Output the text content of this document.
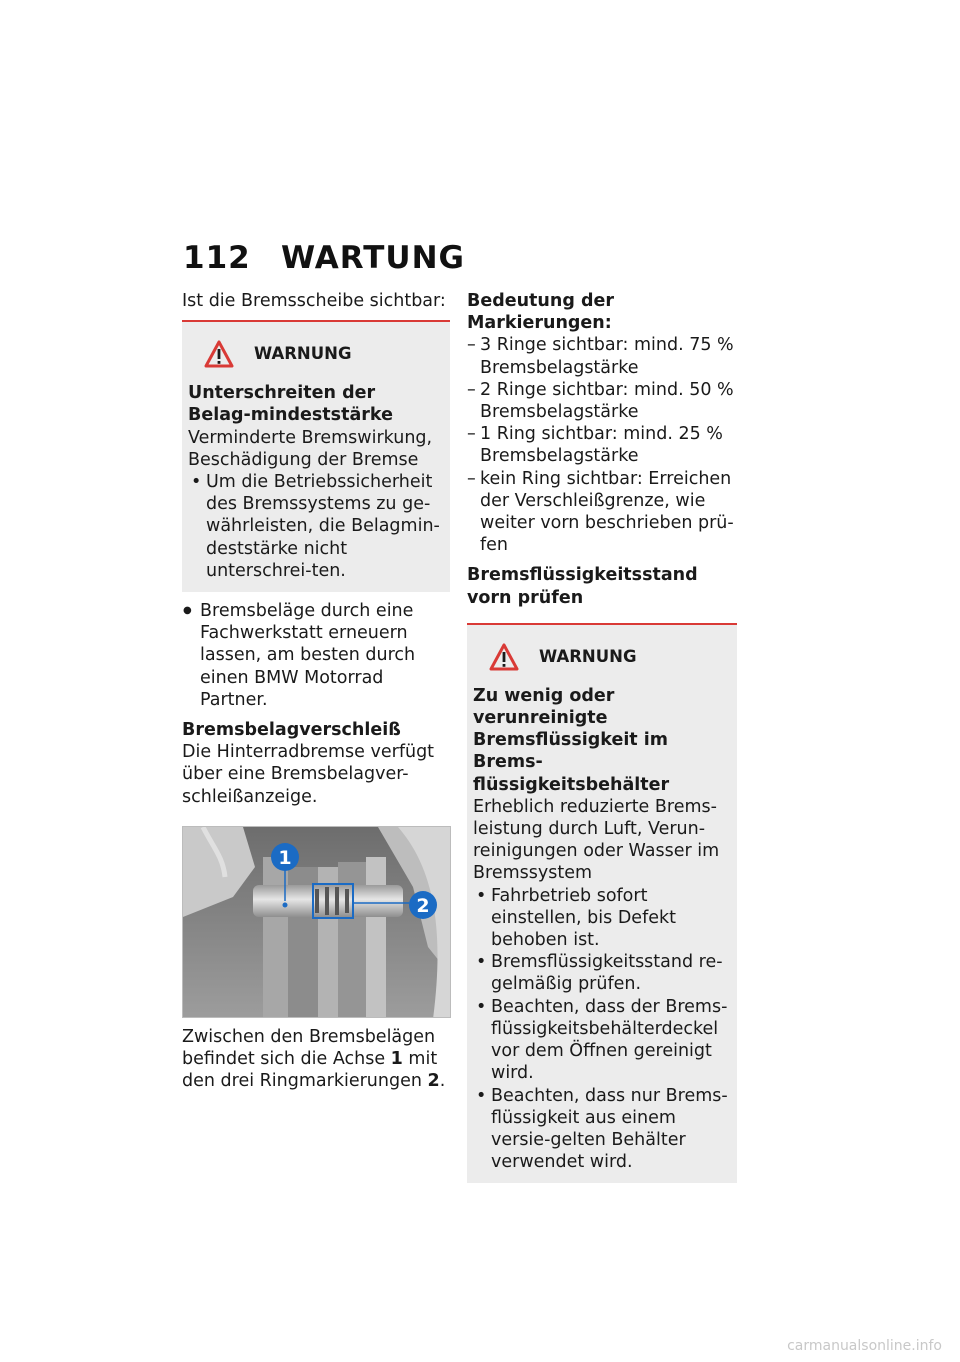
112 WARTUNG

Ist die Bremsscheibe sichtbar:

WARNUNG

Unterschreiten der Belag-mindeststärke

Verminderte Bremswirkung, Beschädigung der Bremse

• Um die Betriebssicherheit des Bremssystems zu ge-währleisten, die Belagmin-deststärke nicht unterschrei-ten.
● Bremsbeläge durch eine Fachwerkstatt erneuern lassen, am besten durch einen BMW Motorrad Partner.

Bremsbelagverschleiß

Die Hinterradbremse verfügt über eine Bremsbelagver-schleißanzeige.

1
2

Zwischen den Bremsbelägen befindet sich die Achse 1 mit den drei Ringmarkierungen 2.

Bedeutung der Markierungen:

– 3 Ringe sichtbar: mind. 75 % Bremsbelagstärke
– 2 Ringe sichtbar: mind. 50 % Bremsbelagstärke
– 1 Ring sichtbar: mind. 25 % Bremsbelagstärke
– kein Ring sichtbar: Erreichen der Verschleißgrenze, wie weiter vorn beschrieben prü-fen

Bremsflüssigkeitsstand vorn prüfen

WARNUNG

Zu wenig oder verunreinigte Bremsflüssigkeit im Brems-flüssigkeitsbehälter

Erheblich reduzierte Brems-leistung durch Luft, Verun-reinigungen oder Wasser im Bremssystem

• Fahrbetrieb sofort einstellen, bis Defekt behoben ist.
• Bremsflüssigkeitsstand re-gelmäßig prüfen.
• Beachten, dass der Brems-flüssigkeitsbehälterdeckel vor dem Öffnen gereinigt wird.
• Beachten, dass nur Brems-flüssigkeit aus einem versie-gelten Behälter verwendet wird.
carmanualsonline.info
